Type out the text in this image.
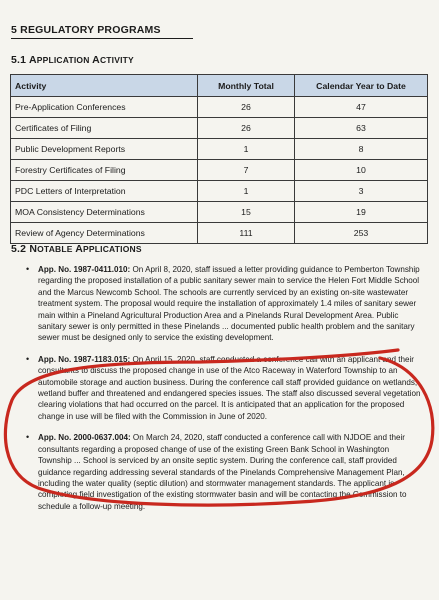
5 REGULATORY PROGRAMS
5.1 APPLICATION ACTIVITY
Activity	Monthly Total	Calendar Year to Date
Pre-Application Conferences	26	47
Certificates of Filing	26	63
Public Development Reports	1	8
Forestry Certificates of Filing	7	10
PDC Letters of Interpretation	1	3
MOA Consistency Determinations	15	19
Review of Agency Determinations	111	253
5.2 NOTABLE APPLICATIONS
• App. No. 1987-0411.010: On April 8, 2020, staff issued a letter providing guidance to Pemberton Township regarding the proposed installation of a public sanitary sewer main to service the Helen Fort Middle School and the Marcus Newcomb School. The schools are currently serviced by an existing on-site wastewater treatment system. The proposal would require the installation of approximately 1.4 miles of sanitary sewer main within a Pineland Agricultural Production Area and a Pinelands Rural Development Area. Public sanitary sewer is only permitted in these Pinelands ... documented public health problem and the sanitary sewer must be designed only to service the existing development.
• App. No. 1987-1183.015: On April 15, 2020, staff conducted a conference call with an applicant and their consultants to discuss the proposed change in use of the Atco Raceway in Waterford Township to an automobile storage and auction business. During the conference call staff provided guidance on wetlands, wetland buffer and threatened and endangered species issues. The staff also discussed several vegetation clearing violations that had occurred on the parcel. It is anticipated that an application for the proposed change in use will be filed with the Commission in June of 2020.
• App. No. 2000-0637.004: On March 24, 2020, staff conducted a conference call with NJDOE and their consultants regarding a proposed change of use of the existing Green Bank School in Washington Township ... School is serviced by an onsite septic system. During the conference call, staff provided guidance regarding addressing several standards of the Pinelands Comprehensive Management Plan, including the water quality (septic dilution) and stormwater management standards. The applicant is completing field investigation of the existing stormwater basin and will be contacting the Commission to schedule a follow-up meeting.
